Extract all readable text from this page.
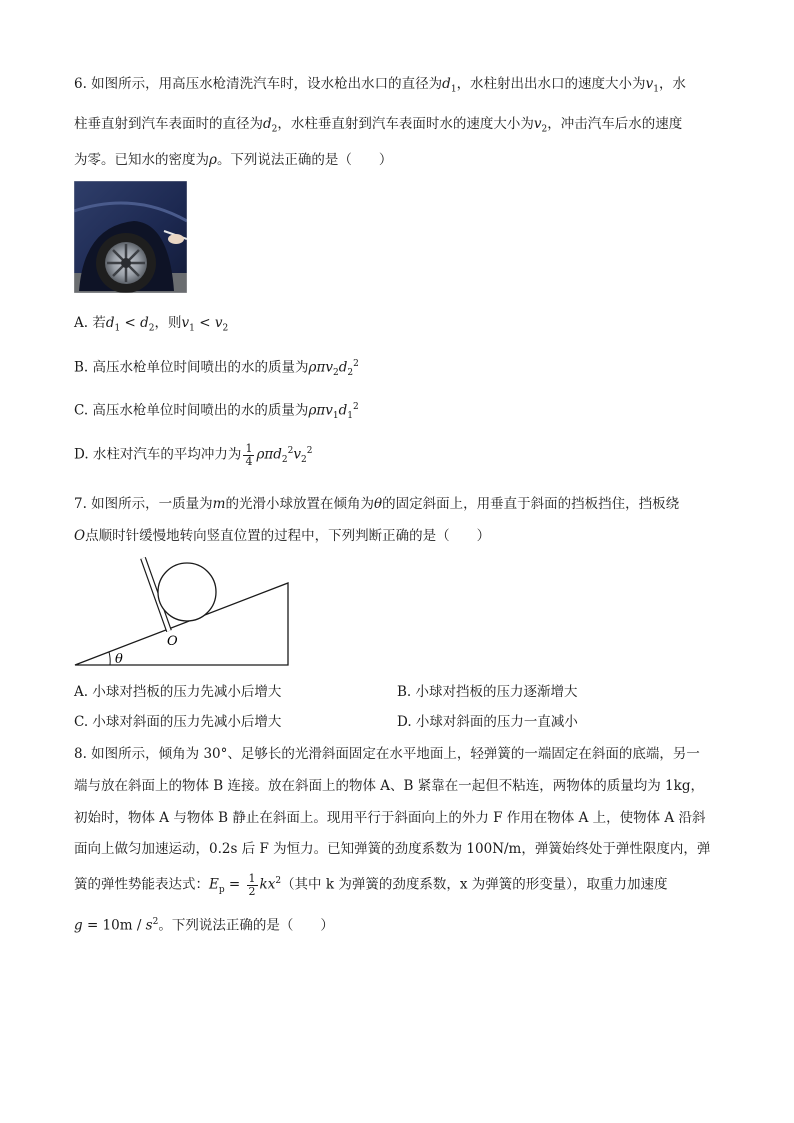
6. 如图所示，用高压水枪清洗汽车时，设水枪出水口的直径为$d_1$，水柱射出出水口的速度大小为$v_1$，水
柱垂直射到汽车表面时的直径为$d_2$，水柱垂直射到汽车表面时水的速度大小为$v_2$，冲击汽车后水的速度
为零。已知水的密度为ρ。下列说法正确的是（　　）
A. 若$d_1 < d_2$，则$v_1 < v_2$
B. 高压水枪单位时间喷出的水的质量为$\rho\pi v_2d_2^2$
C. 高压水枪单位时间喷出的水的质量为$\rho\pi v_1d_1^2$
D. 水柱对汽车的平均冲力为 $\frac{1}{4} \rho\pi d_2^2v_2^2$
7. 如图所示，一质量为m的光滑小球放置在倾角为θ的固定斜面上，用垂直于斜面的挡板挡住，挡板绕
O点顺时针缓慢地转向竖直位置的过程中，下列判断正确的是（　　）
O
θ
A. 小球对挡板的压力先减小后增大	B. 小球对挡板的压力逐渐增大
C. 小球对斜面的压力先减小后增大	D. 小球对斜面的压力一直减小
8. 如图所示，倾角为 30°、足够长的光滑斜面固定在水平地面上，轻弹簧的一端固定在斜面的底端，另一
端与放在斜面上的物体 B 连接。放在斜面上的物体 A、B 紧靠在一起但不粘连，两物体的质量均为 1kg，
初始时，物体 A 与物体 B 静止在斜面上。现用平行于斜面向上的外力 F 作用在物体 A 上，使物体 A 沿斜
面向上做匀加速运动，0.2s 后 F 为恒力。已知弹簧的劲度系数为 100N/m，弹簧始终处于弹性限度内，弹
簧的弹性势能表达式：$E_p = \frac{1}{2} kx^2$（其中 k 为弹簧的劲度系数，x 为弹簧的形变量），取重力加速度
$g = 10m / s^2$。下列说法正确的是（　　）
